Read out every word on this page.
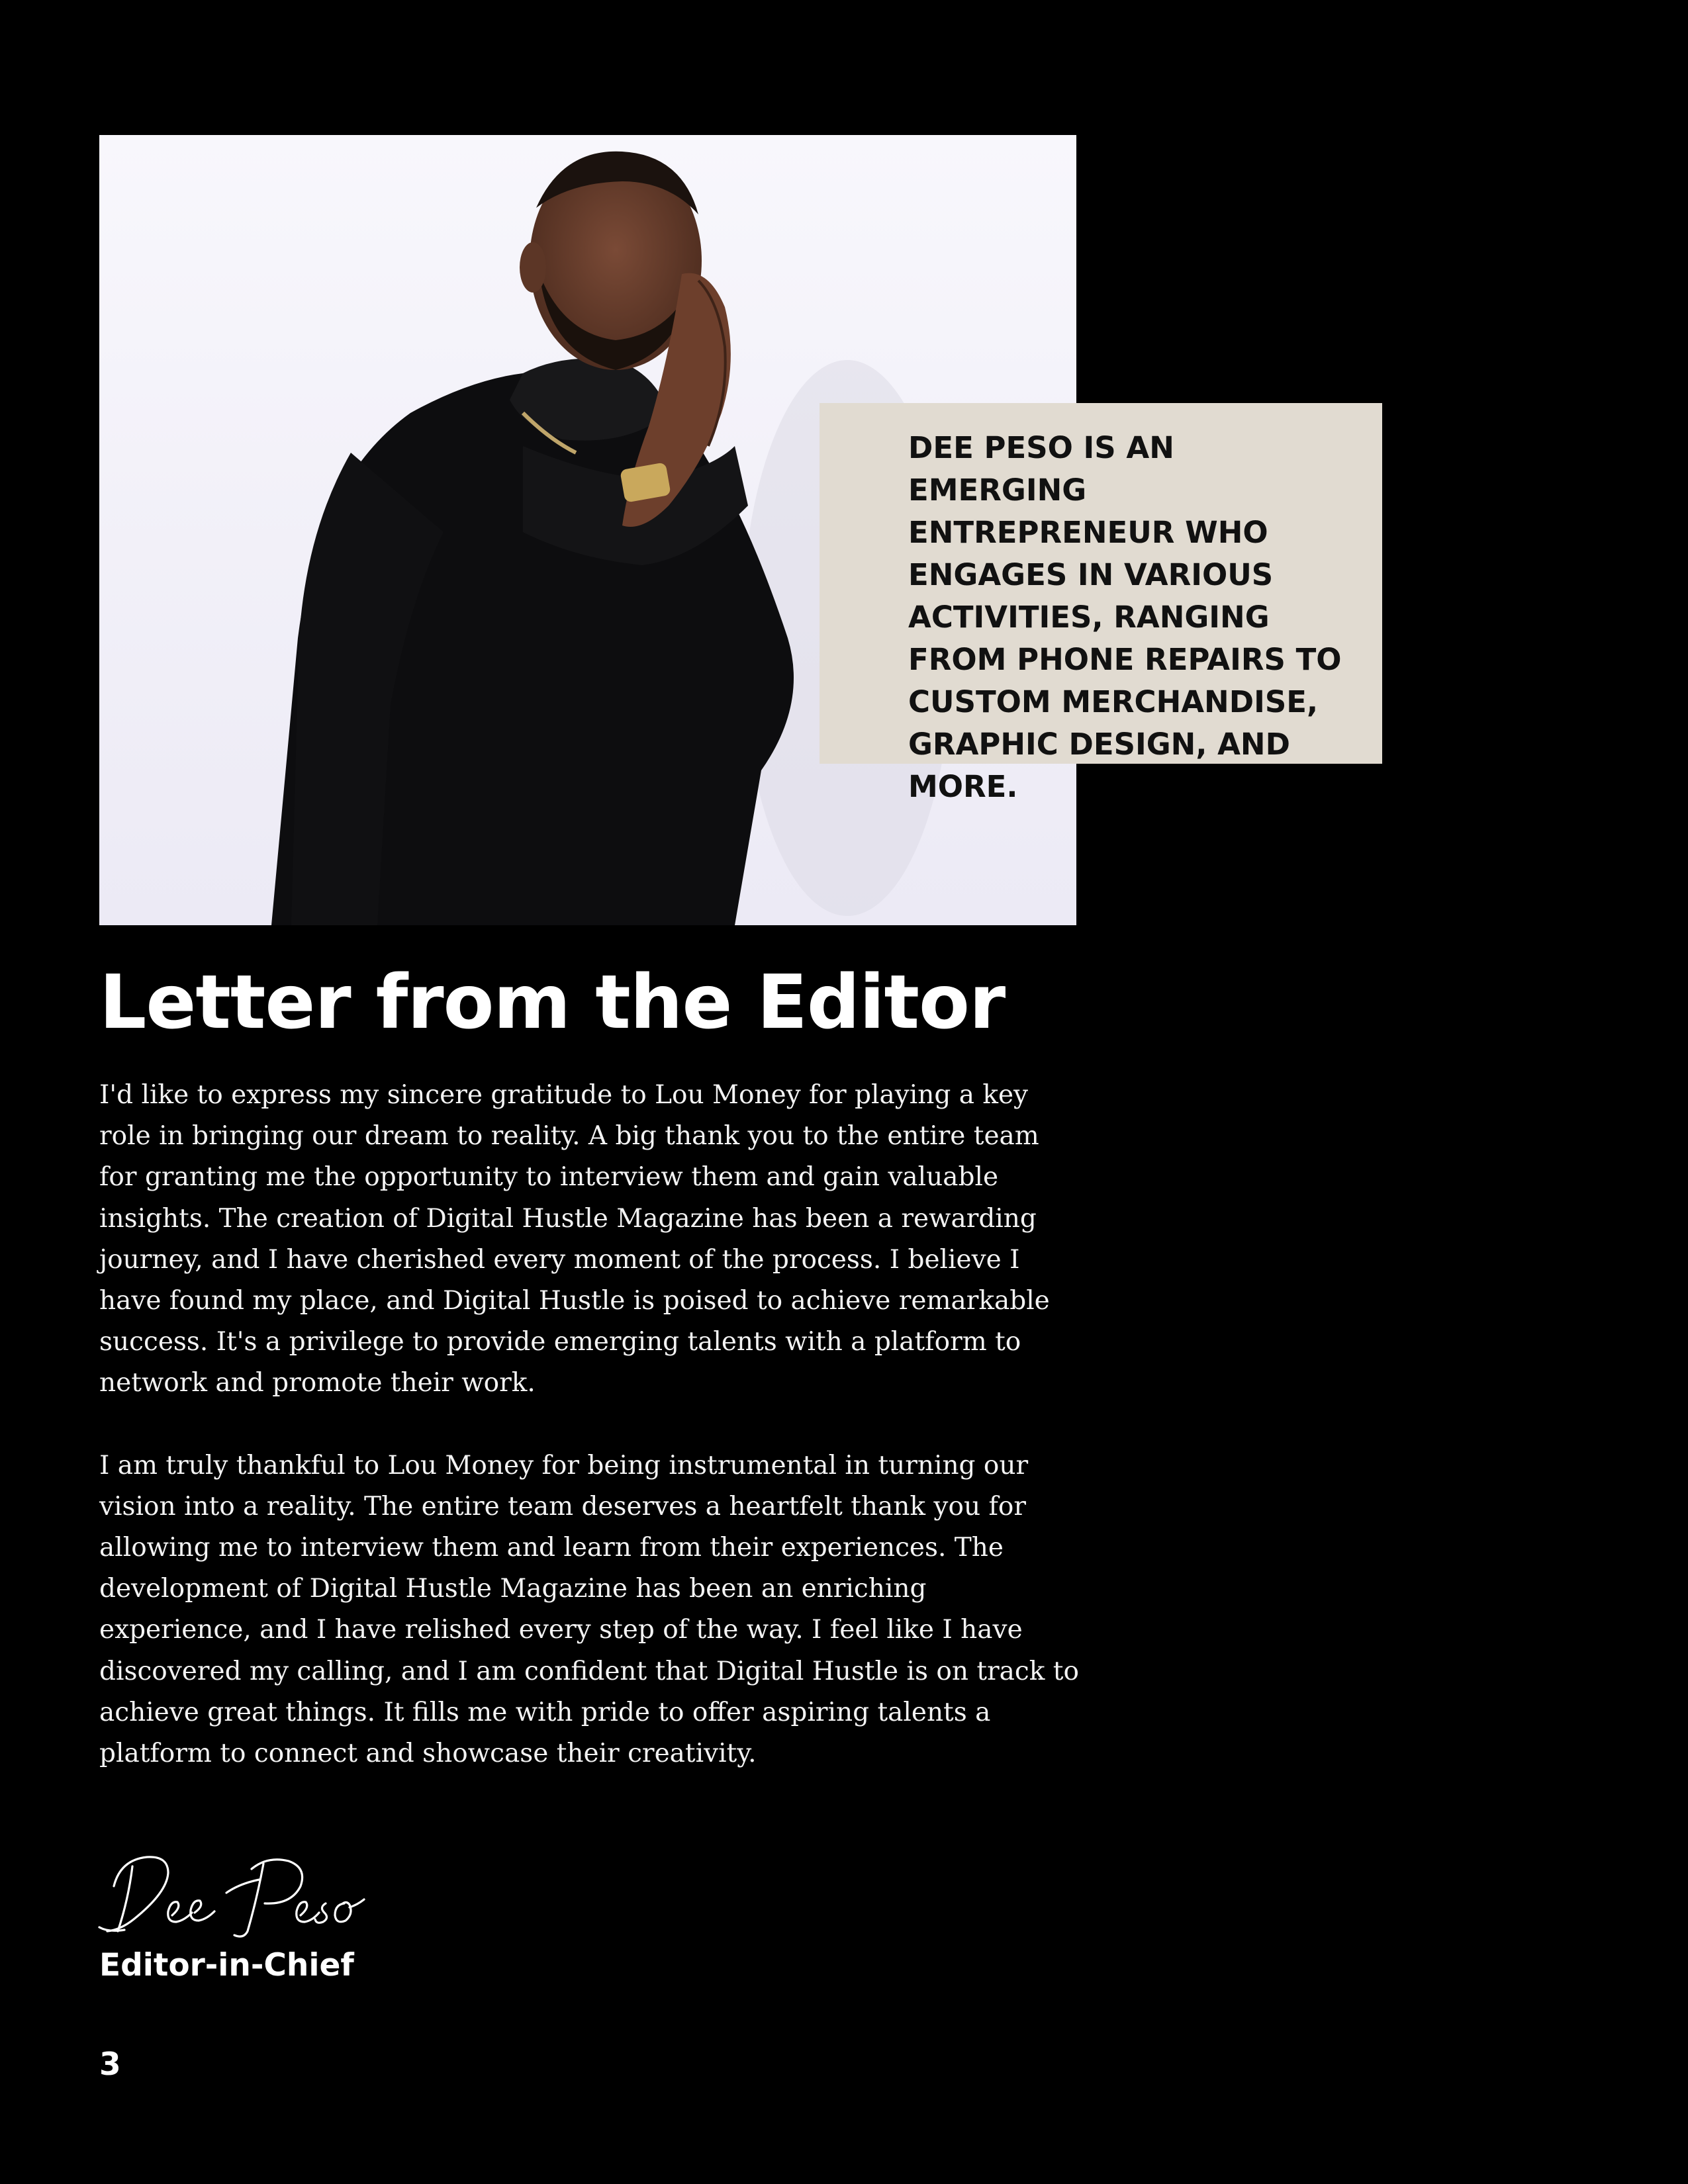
DEE PESO IS AN EMERGING ENTREPRENEUR WHO ENGAGES IN VARIOUS ACTIVITIES, RANGING FROM PHONE REPAIRS TO CUSTOM MERCHANDISE, GRAPHIC DESIGN, AND MORE.

Letter from the Editor

I'd like to express my sincere gratitude to Lou Money for playing a key role in bringing our dream to reality. A big thank you to the entire team for granting me the opportunity to interview them and gain valuable insights. The creation of Digital Hustle Magazine has been a rewarding journey, and I have cherished every moment of the process. I believe I have found my place, and Digital Hustle is poised to achieve remarkable success. It's a privilege to provide emerging talents with a platform to network and promote their work.

I am truly thankful to Lou Money for being instrumental in turning our vision into a reality. The entire team deserves a heartfelt thank you for allowing me to interview them and learn from their experiences. The development of Digital Hustle Magazine has been an enriching experience, and I have relished every step of the way. I feel like I have discovered my calling, and I am confident that Digital Hustle is on track to achieve great things. It fills me with pride to offer aspiring talents a platform to connect and showcase their creativity.

Editor-in-Chief

3
